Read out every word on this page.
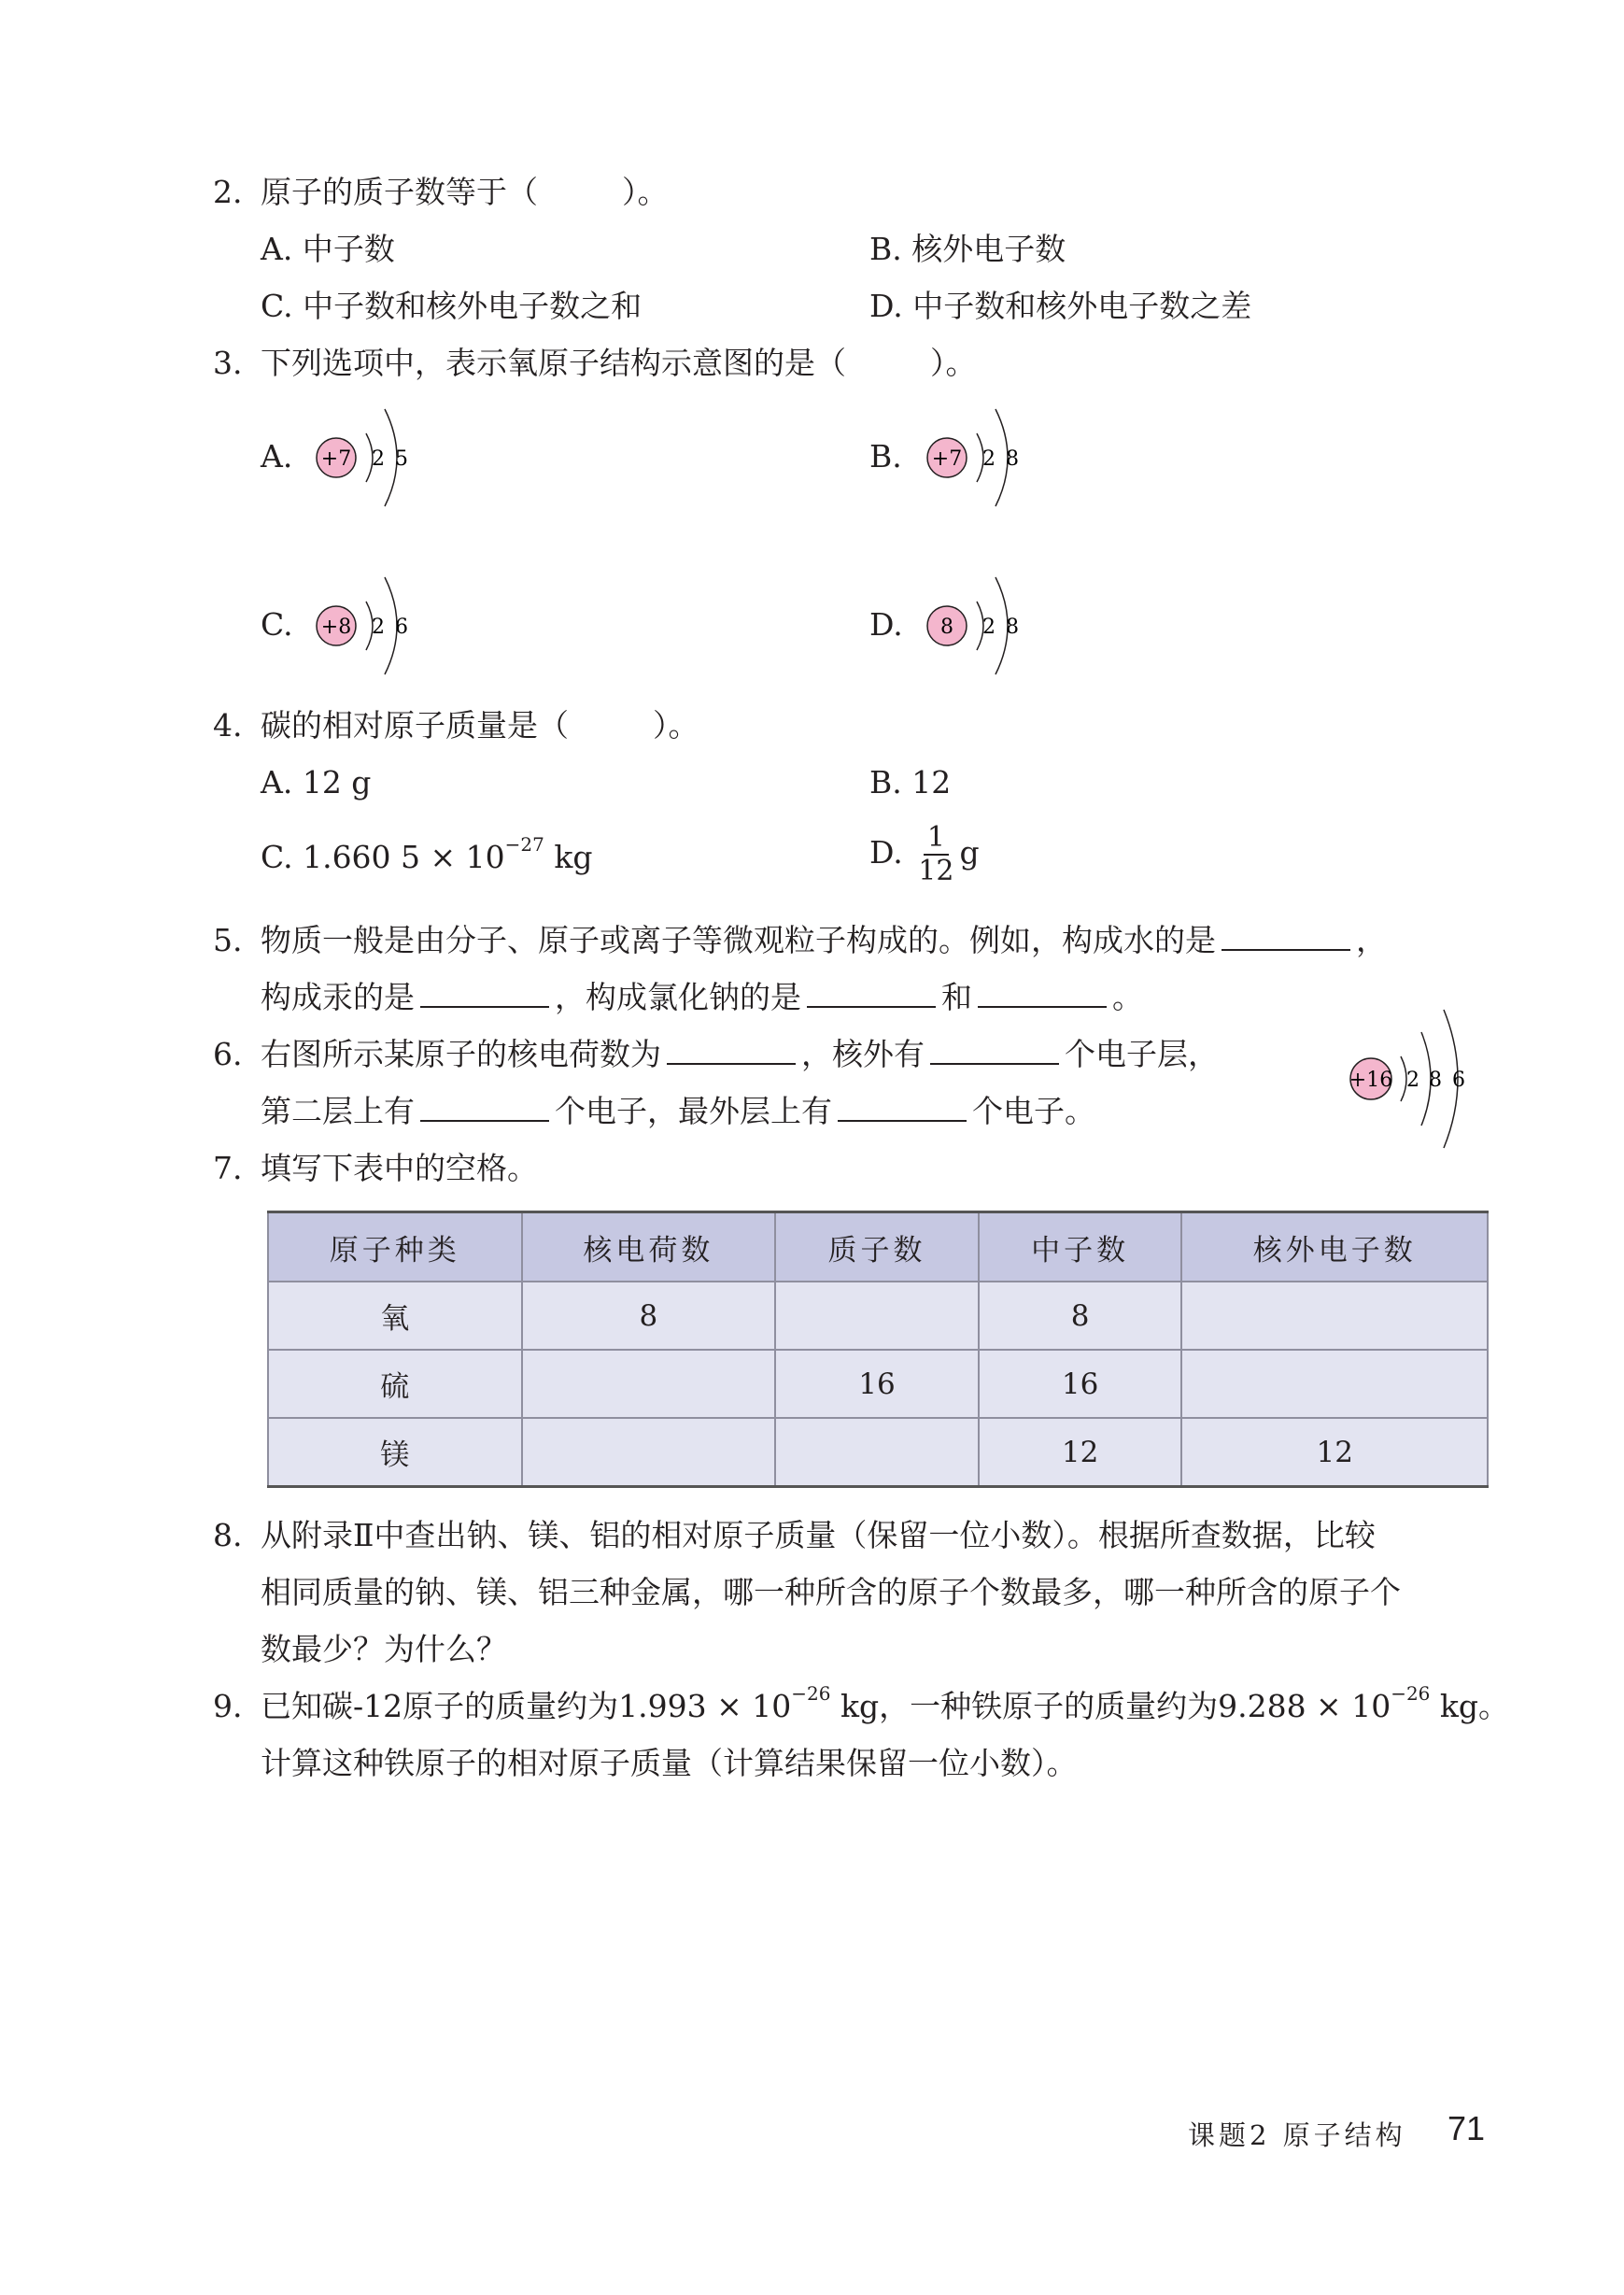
2. 原子的质子数等于（	）。
A. 中子数	B. 核外电子数
C. 中子数和核外电子数之和	D. 中子数和核外电子数之差
3. 下列选项中，表示氧原子结构示意图的是（	）。
A. +7 2 5	B. +7 2 8
C. +8 2 6	D. 8 2 8
4. 碳的相对原子质量是（	）。
A. 12 g	B. 12
C. 1.660 $5 \times 10^{-27}$ kg	D. $\frac{1}{12}$ g
5. 物质一般是由分子、原子或离子等微观粒子构成的。例如，构成水的是	，
构成汞的是	，构成氯化钠的是	和	。
6. 右图所示某原子的核电荷数为	，核外有	个电子层，
第二层上有	个电子，最外层上有	个电子。
+16 2 8 6
7. 填写下表中的空格。
原子种类	核电荷数	质子数	中子数	核外电子数
氧	8		8	
硫		16	16	
镁			12	12
8. 从附录Ⅱ中查出钠、镁、铝的相对原子质量（保留一位小数）。根据所查数据，比较
相同质量的钠、镁、铝三种金属，哪一种所含的原子个数最多，哪一种所含的原子个
数最少？为什么？
9. 已知碳-12原子的质量约为$1.993 \times 10^{-26}$ kg，一种铁原子的质量约为$9.288 \times 10^{-26}$ kg。
计算这种铁原子的相对原子质量（计算结果保留一位小数）。
课题2 原子结构 71
